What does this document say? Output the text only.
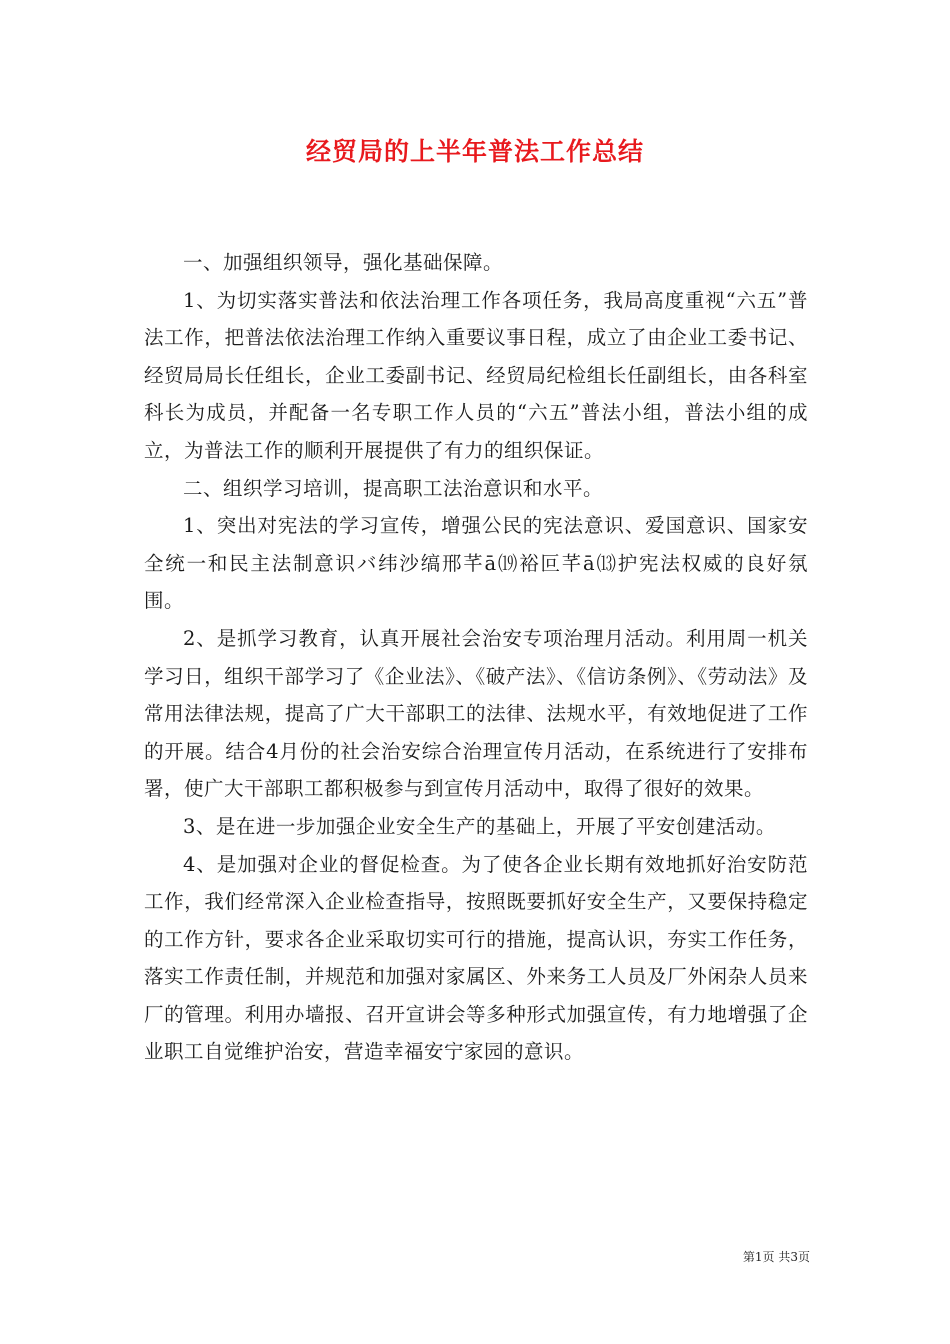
经贸局的上半年普法工作总结

一、加强组织领导，强化基础保障。

1、为切实落实普法和依法治理工作各项任务，我局高度重视“六五”普法工作，把普法依法治理工作纳入重要议事日程，成立了由企业工委书记、经贸局局长任组长，企业工委副书记、经贸局纪检组长任副组长，由各科室科长为成员，并配备一名专职工作人员的“六五”普法小组，普法小组的成立，为普法工作的顺利开展提供了有力的组织保证。

二、组织学习培训，提高职工法治意识和水平。

1、突出对宪法的学习宣传，增强公民的宪法意识、爱国意识、国家安全统一和民主法制意识バ纬沙缟邢芊ā⒆裕叵芊ā⒀护宪法权威的良好氛围。

2、是抓学习教育，认真开展社会治安专项治理月活动。利用周一机关学习日，组织干部学习了《企业法》、《破产法》、《信访条例》、《劳动法》及常用法律法规，提高了广大干部职工的法律、法规水平，有效地促进了工作的开展。结合4月份的社会治安综合治理宣传月活动，在系统进行了安排布署，使广大干部职工都积极参与到宣传月活动中，取得了很好的效果。

3、是在进一步加强企业安全生产的基础上，开展了平安创建活动。

4、是加强对企业的督促检查。为了使各企业长期有效地抓好治安防范工作，我们经常深入企业检查指导，按照既要抓好安全生产，又要保持稳定的工作方针，要求各企业采取切实可行的措施，提高认识，夯实工作任务，落实工作责任制，并规范和加强对家属区、外来务工人员及厂外闲杂人员来厂的管理。利用办墙报、召开宣讲会等多种形式加强宣传，有力地增强了企业职工自觉维护治安，营造幸福安宁家园的意识。

第1页 共3页
